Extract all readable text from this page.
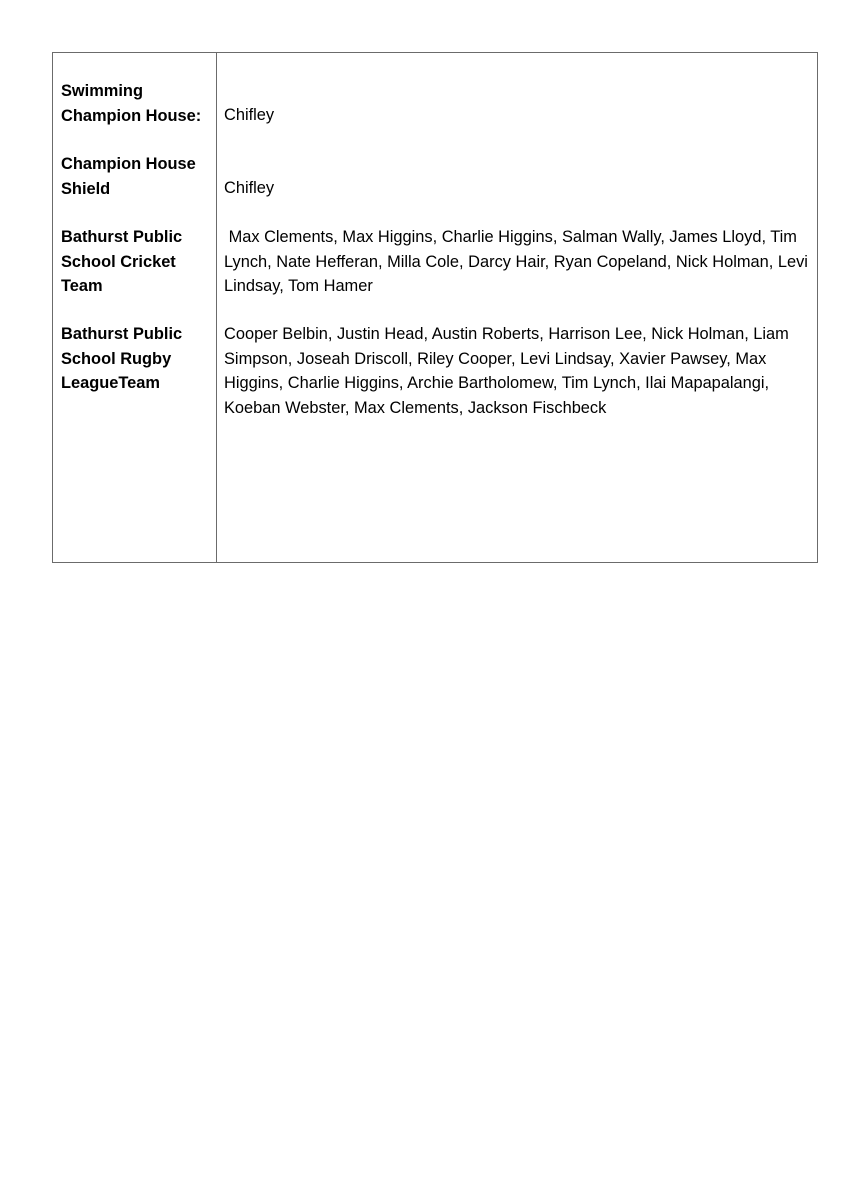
Swimming Champion House:	Chifley
Champion House Shield	Chifley
Bathurst Public School Cricket Team
Max Clements, Max Higgins, Charlie Higgins, Salman Wally, James Lloyd, Tim Lynch, Nate Hefferan, Milla Cole, Darcy Hair, Ryan Copeland, Nick Holman, Levi Lindsay, Tom Hamer
Bathurst Public School Rugby LeagueTeam
Cooper Belbin, Justin Head, Austin Roberts, Harrison Lee, Nick Holman, Liam Simpson, Joseah Driscoll, Riley Cooper, Levi Lindsay, Xavier Pawsey, Max Higgins, Charlie Higgins, Archie Bartholomew, Tim Lynch, Ilai Mapapalangi, Koeban Webster, Max Clements, Jackson Fischbeck
